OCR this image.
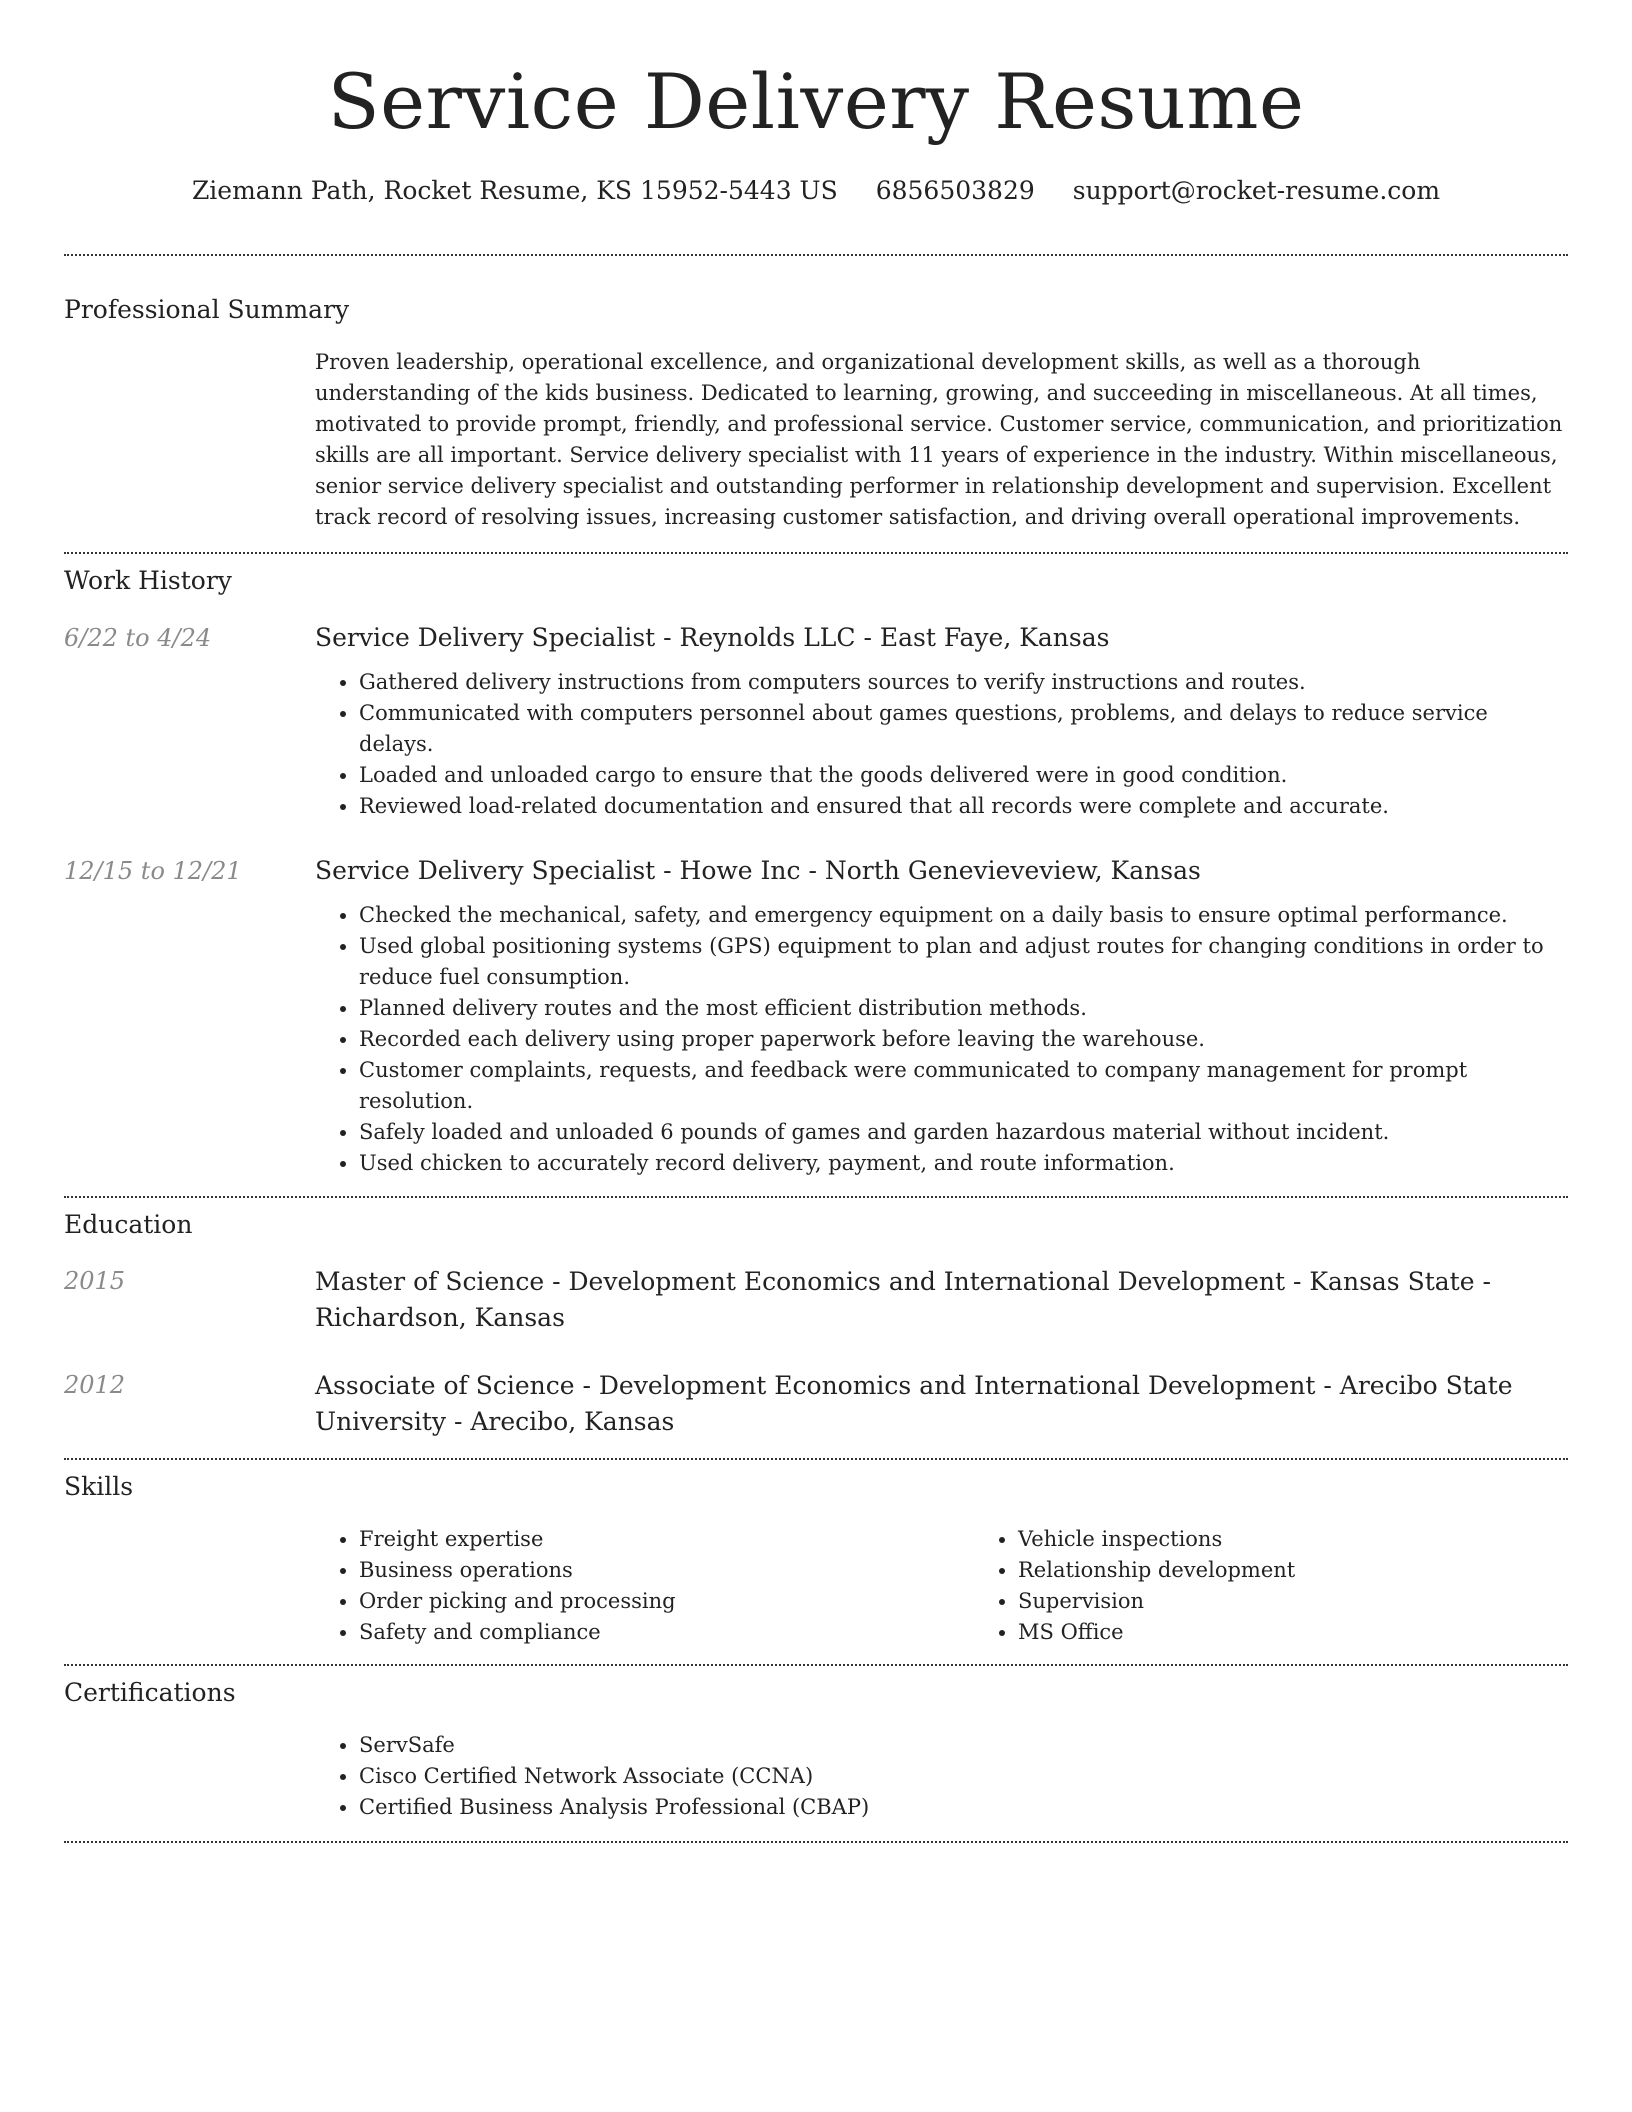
Service Delivery Resume
Ziemann Path, Rocket Resume, KS 15952-5443 US 6856503829 support@rocket-resume.com
Professional Summary

Proven leadership, operational excellence, and organizational development skills, as well as a thorough understanding of the kids business. Dedicated to learning, growing, and succeeding in miscellaneous. At all times, motivated to provide prompt, friendly, and professional service. Customer service, communication, and prioritization skills are all important. Service delivery specialist with 11 years of experience in the industry. Within miscellaneous, senior service delivery specialist and outstanding performer in relationship development and supervision. Excellent track record of resolving issues, increasing customer satisfaction, and driving overall operational improvements.

Work History
6/22 to 4/24	Service Delivery Specialist - Reynolds LLC - East Faye, Kansas
• Gathered delivery instructions from computers sources to verify instructions and routes.
• Communicated with computers personnel about games questions, problems, and delays to reduce service delays.
• Loaded and unloaded cargo to ensure that the goods delivered were in good condition.
• Reviewed load-related documentation and ensured that all records were complete and accurate.
12/15 to 12/21	Service Delivery Specialist - Howe Inc - North Genevieveview, Kansas
• Checked the mechanical, safety, and emergency equipment on a daily basis to ensure optimal performance.
• Used global positioning systems (GPS) equipment to plan and adjust routes for changing conditions in order to reduce fuel consumption.
• Planned delivery routes and the most efficient distribution methods.
• Recorded each delivery using proper paperwork before leaving the warehouse.
• Customer complaints, requests, and feedback were communicated to company management for prompt resolution.
• Safely loaded and unloaded 6 pounds of games and garden hazardous material without incident.
• Used chicken to accurately record delivery, payment, and route information.
Education
2015	Master of Science - Development Economics and International Development - Kansas State - Richardson, Kansas
2012	Associate of Science - Development Economics and International Development - Arecibo State University - Arecibo, Kansas
Skills
• Freight expertise
• Business operations
• Order picking and processing
• Safety and compliance
• Vehicle inspections
• Relationship development
• Supervision
• MS Office
Certifications
• ServSafe
• Cisco Certified Network Associate (CCNA)
• Certified Business Analysis Professional (CBAP)
